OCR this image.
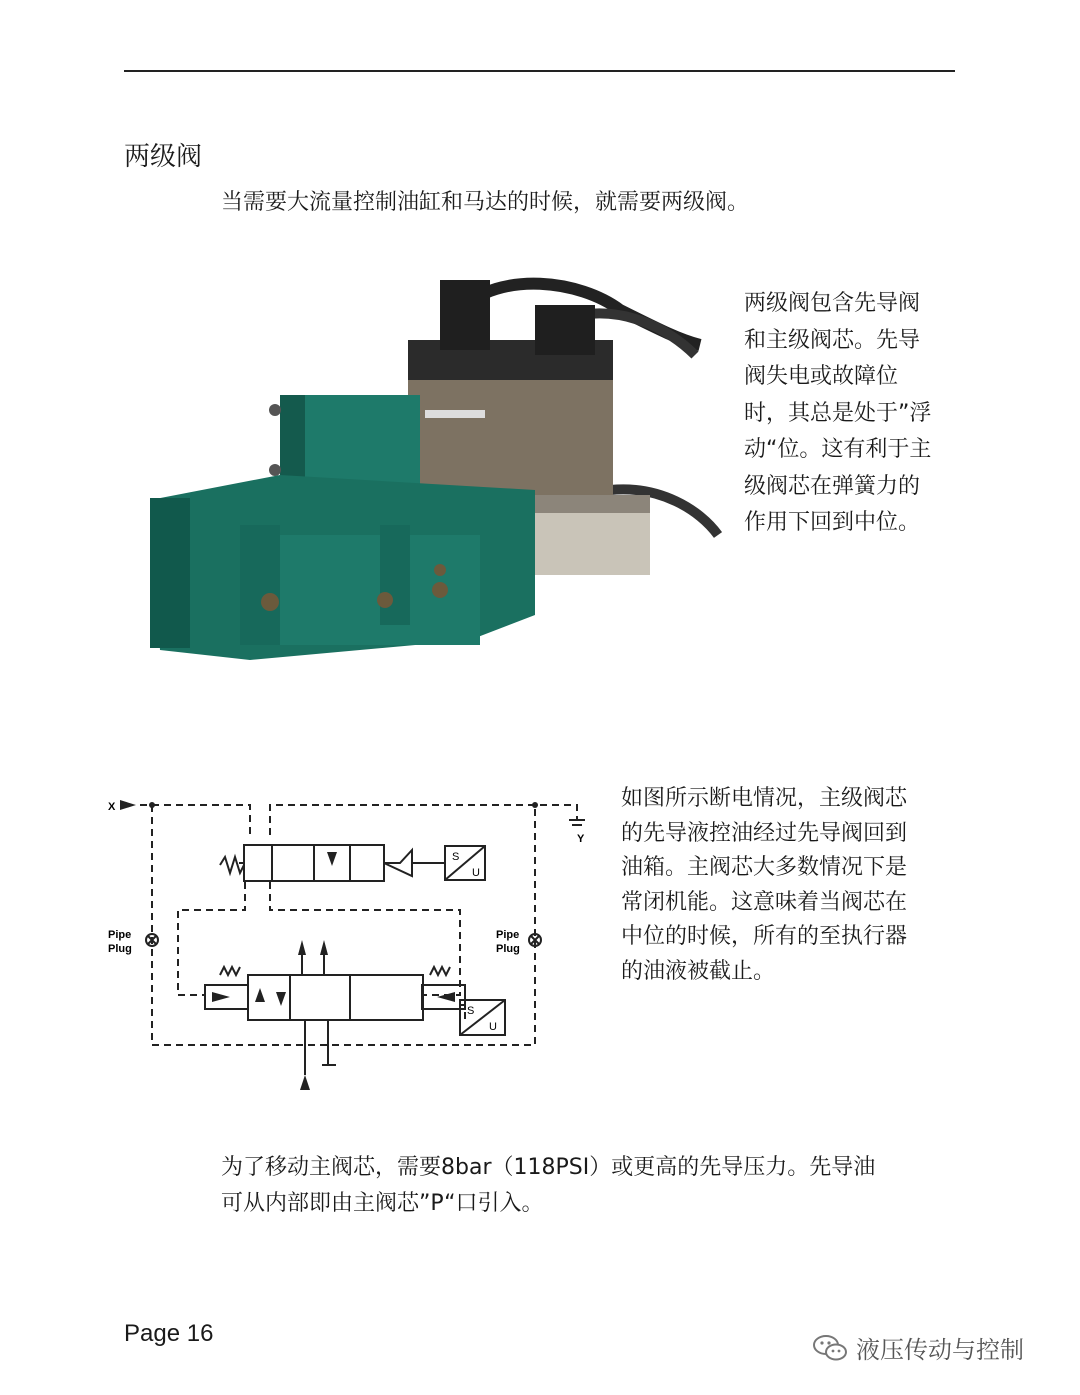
两级阀
当需要大流量控制油缸和马达的时候，就需要两级阀。
两级阀包含先导阀
和主级阀芯。先导
阀失电或故障位
时，其总是处于”浮
动“位。这有利于主
级阀芯在弹簧力的
作用下回到中位。
X
Y
Pipe
Plug
Pipe
Plug
S
U
S
U
如图所示断电情况，主级阀芯
的先导液控油经过先导阀回到
油箱。主阀芯大多数情况下是
常闭机能。这意味着当阀芯在
中位的时候，所有的至执行器
的油液被截止。
为了移动主阀芯，需要8bar（118PSI）或更高的先导压力。先导油
可从内部即由主阀芯”P“口引入。
Page 16
液压传动与控制
